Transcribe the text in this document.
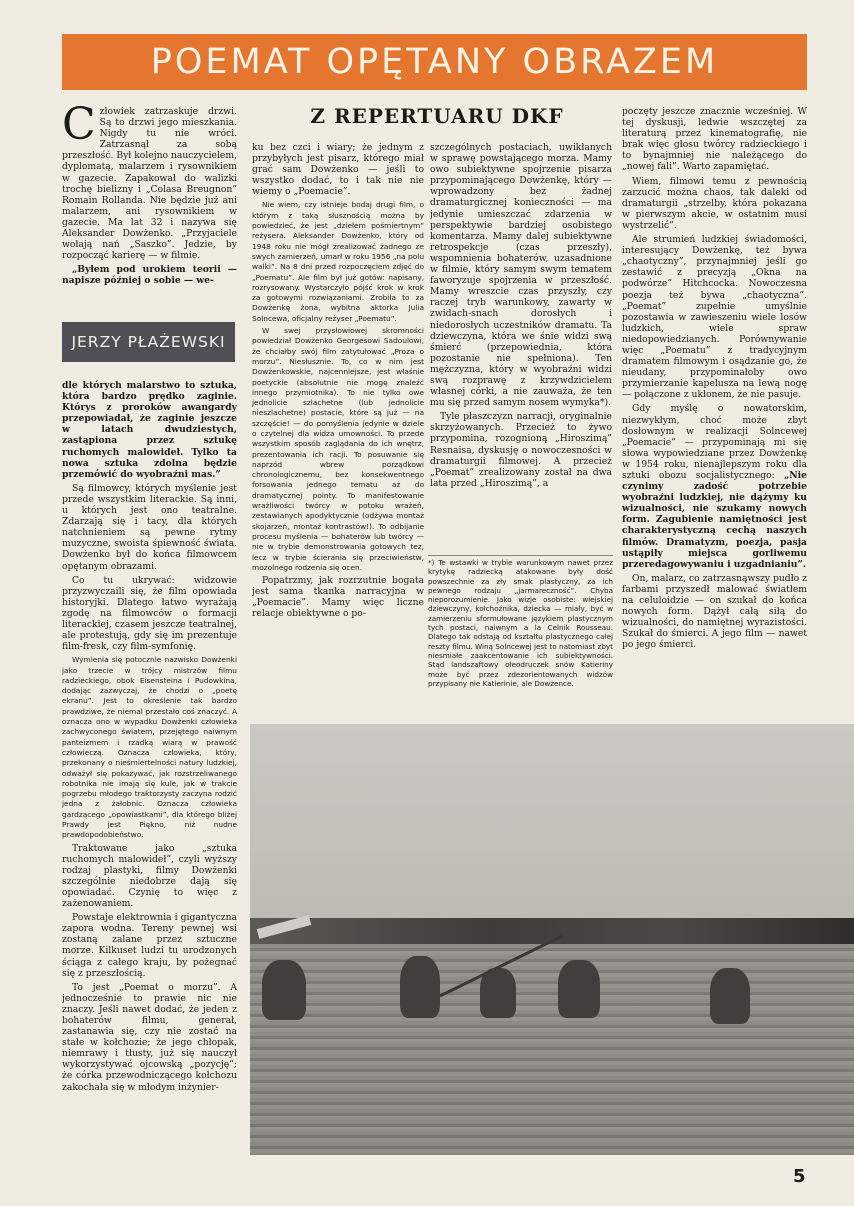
POEMAT OPĘTANY OBRAZEM
Z REPERTUARU DKF

Człowiek zatrzaskuje drzwi. Są to drzwi jego mieszkania. Nigdy tu nie wróci. Zatrzasnął za sobą przeszłość. Był kolejno nauczycielem, dyplomatą, malarzem i rysownikiem w gazecie. Zapakował do walizki trochę bielizny i „Colasa Breugnon” Romain Rollanda. Nie będzie już ani malarzem, ani rysownikiem w gazecie. Ma lat 32 i nazywa się Aleksander Dowżenko. „Przyjaciele wołają nań „Saszko”. Jedzie, by rozpocząć karierę — w filmie.

„Byłem pod urokiem teorii — napisze później o sobie — we-

JERZY PŁAŻEWSKI

dle których malarstwo to sztuka, która bardzo prędko zaginie. Którys z proroków awangardy przepowiadał, że zaginie jeszcze w latach dwudziestych, zastąpiona przez sztukę ruchomych malowideł. Tylko ta nowa sztuka zdolna będzie przemówić do wyobraźni mas.”

Są filmowcy, których myślenie jest przede wszystkim literackie. Są inni, u których jest ono teatralne. Zdarzają się i tacy, dla których natchnieniem są pewne rytmy muzyczne, swoista śpiewność świata. Dowżenko był do końca filmowcem opętanym obrazami.

Co tu ukrywać: widzowie przyzwyczaili się, że film opowiada historyjki. Dlatego łatwo wyrażają zgodę na filmowców o formacji literackiej, czasem jeszcze teatralnej, ale protestują, gdy się im prezentuje film-fresk, czy film-symfonię.

Wymienia się potocznie nazwisko Dowżenki jako trzecie w trójcy mistrzów filmu radzieckiego, obok Eisensteina i Pudowkina, dodając zazwyczaj, że chodzi o „poetę ekranu”. Jest to określenie tak bardzo prawdziwe, że niemal przestało coś znaczyć. A oznacza ono w wypadku Dowżenki człowieka zachwyconego światem, przejętego naiwnym panteizmem i rzadką wiarą w prawość człowieczą. Oznacza człowieka, który, przekonany o nieśmiertelności natury ludzkiej, odważył się pokazywać, jak rozstrzeliwanego robotnika nie imają się kule, jak w trakcie pogrzebu młodego traktorzysty zaczyna rodzić jedna z żałobnic. Oznacza człowieka gardzącego „opowiastkami”, dla którego bliżej Prawdy jest Piękno, niż nudne prawdopodobieństwo.

Traktowane jako „sztuka ruchomych malowideł”, czyli wyższy rodzaj plastyki, filmy Dowżenki szczególnie niedobrze dają się opowiadać. Czynię to więc z zażenowaniem.

Powstaje elektrownia i gigantyczna zapora wodna. Tereny pewnej wsi zostaną zalane przez sztuczne morze. Kilkuset ludzi tu urodzonych ściąga z całego kraju, by pożegnać się z przeszłością.

To jest „Poemat o morzu”. A jednocześnie to prawie nic nie znaczy. Jeśli nawet dodać, że jeden z bohaterów filmu, generał, zastanawia się, czy nie zostać na stałe w kołchozie; że jego chłopak, niemrawy i tłusty, już się nauczył wykorzystywać ojcowską „pozycję”; że córka przewodniczącego kołchozu zakochała się w młodym inżynier-

ku bez czci i wiary; że jednym z przybyłych jest pisarz, którego miał grać sam Dowżenko — jeśli to wszystko dodać, to i tak nie nie wiemy o „Poemacie”.

Nie wiem, czy istnieje bodaj drugi film, o którym z taką słusznością można by powiedzieć, że jest „dziełem pośmiertnym” reżysera. Aleksander Dowżenko, który od 1948 roku nie mógł zrealizować żadnego ze swych zamierzeń, umarł w roku 1956 „na polu walki”. Na 8 dni przed rozpoczęciem zdjęć do „Poematu”. Ale film był już gotów: napisany, rozrysowany. Wystarczyło pójść krok w krok za gotowymi rozwiązaniami. Zrobiła to za Dowżenkę żona, wybitna aktorka Julia Solncewa, oficjalny reżyser „Poematu”.

W swej przysłowiowej skromności powiedział Dowżenko Georgesowi Sadoulowi, że chciałby swój film zatytułować „Proza o morzu”. Niesłusznie. To, co w nim jest Dowżenkowskie, najcenniejsze, jest właśnie poetyckie (absolutnie nie mogę znaleźć innego przymiotnika). To nie tylko owe jednolicie szlachetne (lub jednolicie nieszlachetne) postacie, które są już — na szczęście! — do pomyślenia jedynie w dziele o czytelnej dla widza umowności. To przede wszystkim sposób zaglądania do ich wnętrz, prezentowania ich racji. To posuwanie się naprzód wbrew porządkowi chronologicznemu, bez konsekwentnego forsowania jednego tematu aż do dramatycznej pointy. To manifestowanie wrażliwości twórcy w potoku wrażeń, zestawianych apodyktycznie (odżywa montaż skojarzeń, montaż kontrastów!). To odbijanie procesu myślenia — bohaterów lub twórcy — nie w trybie demonstrowania gotowych tez, lecz w trybie ścierania się przeciwieństw, mozolnego rodzenia się ocen.

Popatrzmy, jak rozrzutnie bogata jest sama tkanka narracyjna w „Poemacie”. Mamy więc liczne relacje obiektywne o po-

szczególnych postaciach, uwikłanych w sprawę powstającego morza. Mamy owo subiektywne spojrzenie pisarza przypominającego Dowżenkę, który — wprowadzony bez żadnej dramaturgicznej konieczności — ma jedynie umieszczać zdarzenia w perspektywie bardziej osobistego komentarza. Mamy dalej subiektywne retrospekcje (czas przeszły), wspomnienia bohaterów, uzasadnione w filmie, który samym swym tematem faworyzuje spojrzenia w przeszłość. Mamy wreszcie czas przyszły, czy raczej tryb warunkowy, zawarty w zwidach-snach dorosłych i niedorosłych uczestników dramatu. Ta dziewczyna, która we śnie widzi swą śmierć (przepowiednia, która pozostanie nie spełniona). Ten mężczyzna, który w wyobraźni widzi swą rozprawę z krzywdzicielem własnej córki, a nie zauważa, że ten mu się przed samym nosem wymyka*).

Tyle płaszczyzn narracji, oryginalnie skrzyżowanych. Przecież to żywo przypomina, rozognioną „Hiroszimą” Resnaisa, dyskusję o nowoczesności w dramaturgii filmowej. A przecież „Poemat” zrealizowany został na dwa lata przed „Hiroszimą”, a

*) Te wstawki w trybie warunkowym nawet przez krytykę radziecką atakowane były dość powszechnie za zły smak plastyczny, za ich pewnego rodzaju „jarmareczność”. Chyba nieporozumienie. Jako wizje osobiste: wiejskiej dziewczyny, kołchoźnika, dziecka — miały, być w zamierzeniu sformułowane językiem plastycznym tych postaci, naiwnym a la Celnik Rousseau. Dlatego tak odstają od kształtu plastycznego całej reszty filmu. Winą Solncewej jest to natomiast zbyt niesmiałe zaakcentowanie ich subiektywności. Stąd landszaftowy ołeodruczek snów Katieriny może być przez zdezorientowanych widzów przypisany nie Katierinie, ale Dowżence.

poczęty jeszcze znacznie wcześniej. W tej dyskusji, ledwie wszczętej za literaturą przez kinematografię, nie brak więc głosu twórcy radzieckiego i to bynajmniej nie należącego do „nowej fali”. Warto zapamiętać.

Wiem, filmowi temu z pewnością zarzucić można chaos, tak daleki od dramaturgii „strzelby, która pokazana w pierwszym akcie, w ostatnim musi wystrzelić”.

Ale strumień ludzkiej świadomości, interesujący Dowżenkę, też bywa „chaotyczny”, przynajmniej jeśli go zestawić z precyzją „Okna na podwórze” Hitchcocka. Nowoczesna poezja też bywa „chaotyczna”. „Poemat” zupełnie umyślnie pozostawia w zawieszeniu wiele losów ludzkich, wiele spraw niedopowiedzianych. Porównywanie więc „Poematu” z tradycyjnym dramatem filmowym i osądzanie go, że nieudany, przypominałoby owo przymierzanie kapelusza na lewą nogę — połączone z ukłonem, że nie pasuje.

Gdy myślę o nowatorskim, niezwykłym, choć może zbyt dosłownym w realizacji Solncewej „Poemacie” — przypominają mi się słowa wypowiedziane przez Dowżenkę w 1954 roku, nienajlepszym roku dla sztuki obozu socjalistycznego: „Nie czynimy zadość potrzebie wyobraźni ludzkiej, nie dążymy ku wizualności, nie szukamy nowych form. Zagubienie namiętności jest charakterystyczną cechą naszych filmów. Dramatyzm, poezja, pasja ustąpiły miejsca gorliwemu przeredagowywaniu i uzgadnianiu”.

On, malarz, co zatrzasnąwszy pudło z farbami przyszedł malować światłem na celuloidzie — on szukał do końca nowych form. Dążył całą siłą do wizualności, do namiętnej wyrazistości. Szukał do śmierci. A jego film — nawet po jego śmierci.

5
